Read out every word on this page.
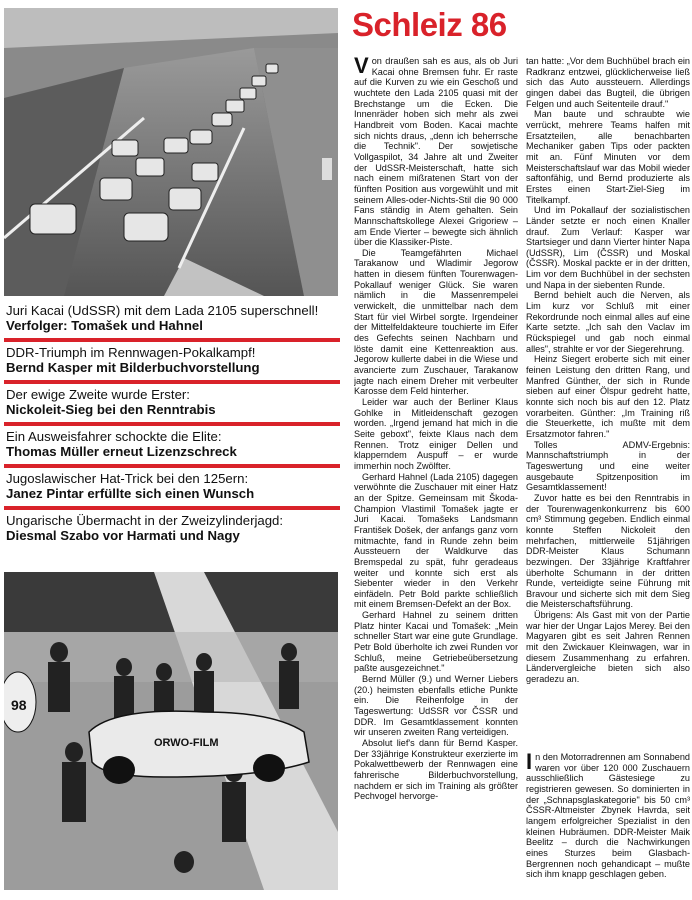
Juri Kacai (UdSSR) mit dem Lada 2105 superschnell!
Verfolger: Tomašek und Hahnel
DDR-Triumph im Rennwagen-Pokalkampf!
Bernd Kasper mit Bilderbuchvorstellung
Der ewige Zweite wurde Erster:
Nickoleit-Sieg bei den Renntrabis
Ein Ausweisfahrer schockte die Elite:
Thomas Müller erneut Lizenzschreck
Jugoslawischer Hat-Trick bei den 125ern:
Janez Pintar erfüllte sich einen Wunsch
Ungarische Übermacht in der Zweizylinderjagd:
Diesmal Szabo vor Harmati und Nagy
98
ORWO-FILM
Schleiz 86

Von draußen sah es aus, als ob Juri Kacai ohne Bremsen fuhr. Er raste auf die Kurven zu wie ein Geschoß und wuchtete den Lada 2105 quasi mit der Brechstange um die Ecken. Die Innenräder hoben sich mehr als zwei Handbreit vom Boden. Kacai machte sich nichts draus, „denn ich beherrsche die Technik". Der sowjetische Vollgaspilot, 34 Jahre alt und Zweiter der UdSSR-Meisterschaft, hatte sich nach einem mißratenen Start von der fünften Position aus vorgewühlt und mit seinem Alles-oder-Nichts-Stil die 90 000 Fans ständig in Atem gehalten. Sein Mannschaftskollege Alexei Grigoriew – am Ende Vierter – bewegte sich ähnlich über die Klassiker-Piste.

Die Teamgefährten Michael Tarakanow und Wladimir Jegorow hatten in diesem fünften Tourenwagen-Pokallauf weniger Glück. Sie waren nämlich in die Massenrempelei verwickelt, die unmittelbar nach dem Start für viel Wirbel sorgte. Irgendeiner der Mittelfeldakteure touchierte im Eifer des Gefechts seinen Nachbarn und löste damit eine Kettenreaktion aus. Jegorow kullerte dabei in die Wiese und avancierte zum Zuschauer, Tarakanow jagte nach einem Dreher mit verbeulter Karosse dem Feld hinterher.

Leider war auch der Berliner Klaus Gohlke in Mitleidenschaft gezogen worden. „Irgend jemand hat mich in die Seite geboxt", feixte Klaus nach dem Rennen. Trotz einiger Dellen und klapperndem Auspuff – er wurde immerhin noch Zwölfter.

Gerhard Hahnel (Lada 2105) dagegen verwöhnte die Zuschauer mit einer Hatz an der Spitze. Gemeinsam mit Škoda-Champion Vlastimil Tomašek jagte er Juri Kacai. Tomašeks Landsmann František Došek, der anfangs ganz vorn mitmachte, fand in Runde zehn beim Aussteuern der Waldkurve das Bremspedal zu spät, fuhr geradeaus weiter und konnte sich erst als Siebenter wieder in den Verkehr einfädeln. Petr Bold parkte schließlich mit einem Bremsen-Defekt an der Box.

Gerhard Hahnel zu seinem dritten Platz hinter Kacai und Tomašek: „Mein schneller Start war eine gute Grundlage. Petr Bold überholte ich zwei Runden vor Schluß, meine Getriebeübersetzung paßte ausgezeichnet."

Bernd Müller (9.) und Werner Liebers (20.) heimsten ebenfalls etliche Punkte ein. Die Reihenfolge in der Tageswertung: UdSSR vor ČSSR und DDR. Im Gesamtklassement konnten wir unseren zweiten Rang verteidigen.

Absolut lief's dann für Bernd Kasper. Der 33jährige Konstrukteur exerzierte im Pokalwettbewerb der Rennwagen eine fahrerische Bilderbuchvorstellung, nachdem er sich im Training als größter Pechvogel hervorge-

tan hatte: „Vor dem Buchhübel brach ein Radkranz entzwei, glücklicherweise ließ sich das Auto aussteuern. Allerdings gingen dabei das Bugteil, die übrigen Felgen und auch Seitenteile drauf."

Man baute und schraubte wie verrückt, mehrere Teams halfen mit Ersatzteilen, alle benachbarten Mechaniker gaben Tips oder packten mit an. Fünf Minuten vor dem Meisterschaftslauf war das Mobil wieder saftonfähig, und Bernd produzierte als Erstes einen Start-Ziel-Sieg im Titelkampf.

Und im Pokallauf der sozialistischen Länder setzte er noch einen Knaller drauf. Zum Verlauf: Kasper war Startsieger und dann Vierter hinter Napa (UdSSR), Lim (ČSSR) und Moskal (ČSSR). Moskal packte er in der dritten, Lim vor dem Buchhübel in der sechsten und Napa in der siebenten Runde.

Bernd behielt auch die Nerven, als Lim kurz vor Schluß mit einer Rekordrunde noch einmal alles auf eine Karte setzte. „Ich sah den Vaclav im Rückspiegel und gab noch einmal alles", strahlte er vor der Siegerehrung.

Heinz Siegert eroberte sich mit einer feinen Leistung den dritten Rang, und Manfred Günther, der sich in Runde sieben auf einer Ölspur gedreht hatte, konnte sich noch bis auf den 12. Platz vorarbeiten. Günther: „Im Training riß die Steuerkette, ich mußte mit dem Ersatzmotor fahren."

Tolles ADMV-Ergebnis: Mannschaftstriumph in der Tageswertung und eine weiter ausgebaute Spitzenposition im Gesamtklassement!

Zuvor hatte es bei den Renntrabis in der Tourenwagenkonkurrenz bis 600 cm³ Stimmung gegeben. Endlich einmal konnte Steffen Nickoleit den mehrfachen, mittlerweile 51jährigen DDR-Meister Klaus Schumann bezwingen. Der 33jährige Kraftfahrer überholte Schumann in der dritten Runde, verteidigte seine Führung mit Bravour und sicherte sich mit dem Sieg die Meisterschaftsführung.

Übrigens: Als Gast mit von der Partie war hier der Ungar Lajos Merey. Bei den Magyaren gibt es seit Jahren Rennen mit den Zwickauer Kleinwagen, war in diesem Zusammenhang zu erfahren. Ländervergleiche bieten sich also geradezu an.

In den Motorradrennen am Sonnabend waren vor über 120 000 Zuschauern ausschließlich Gästesiege zu registrieren gewesen. So dominierten in der „Schnapsglaskategorie" bis 50 cm³ ČSSR-Altmeister Zbynek Havrda, seit langem erfolgreicher Spezialist in den kleinen Hubräumen. DDR-Meister Maik Beelitz – durch die Nachwirkungen eines Sturzes beim Glasbach-Bergrennen noch gehandicapt – mußte sich ihm knapp geschlagen geben.
